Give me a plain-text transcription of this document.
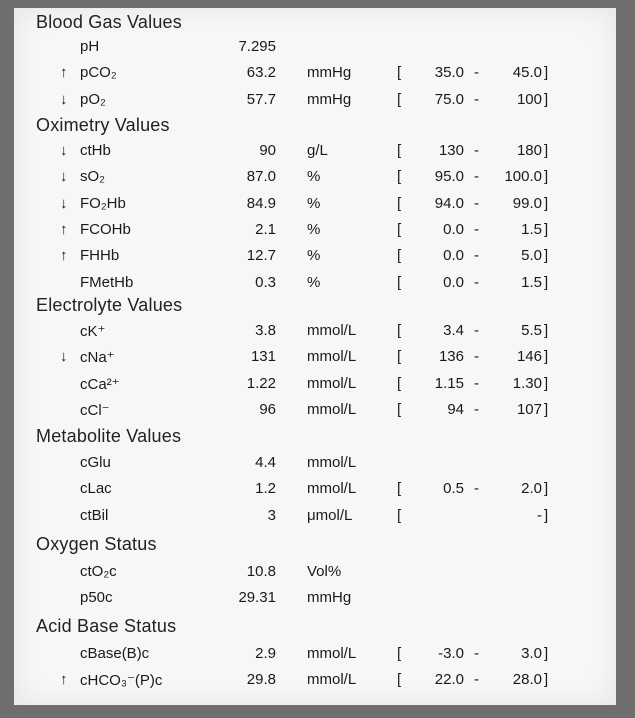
Blood Gas Values
pH	7.295
↑ pCO₂	63.2 mmHg	[	35.0 -	45.0 ]
↓ pO₂	57.7 mmHg	[	75.0 -	100 ]
Oximetry Values
↓ ctHb	90 g/L	[	130 -	180 ]
↓ sO₂	87.0 %	[	95.0 -	100.0 ]
↓ FO₂Hb	84.9 %	[	94.0 -	99.0 ]
↑ FCOHb	2.1 %	[	0.0 -	1.5 ]
↑ FHHb	12.7 %	[	0.0 -	5.0 ]
FMetHb	0.3 %	[	0.0 -	1.5 ]
Electrolyte Values
cK⁺	3.8 mmol/L	[	3.4 -	5.5 ]
↓ cNa⁺	131 mmol/L	[	136 -	146 ]
cCa²⁺	1.22 mmol/L	[	1.15 -	1.30 ]
cCl⁻	96 mmol/L	[	94 -	107 ]
Metabolite Values
cGlu	4.4 mmol/L
cLac	1.2 mmol/L	[	0.5 -	2.0 ]
ctBil	3 μmol/L	[	- ]
Oxygen Status
ctO₂c	10.8 Vol%
p50c	29.31 mmHg
Acid Base Status
cBase(B)c	2.9 mmol/L	[	-3.0 -	3.0 ]
↑ cHCO₃⁻(P)c	29.8 mmol/L	[	22.0 -	28.0 ]
